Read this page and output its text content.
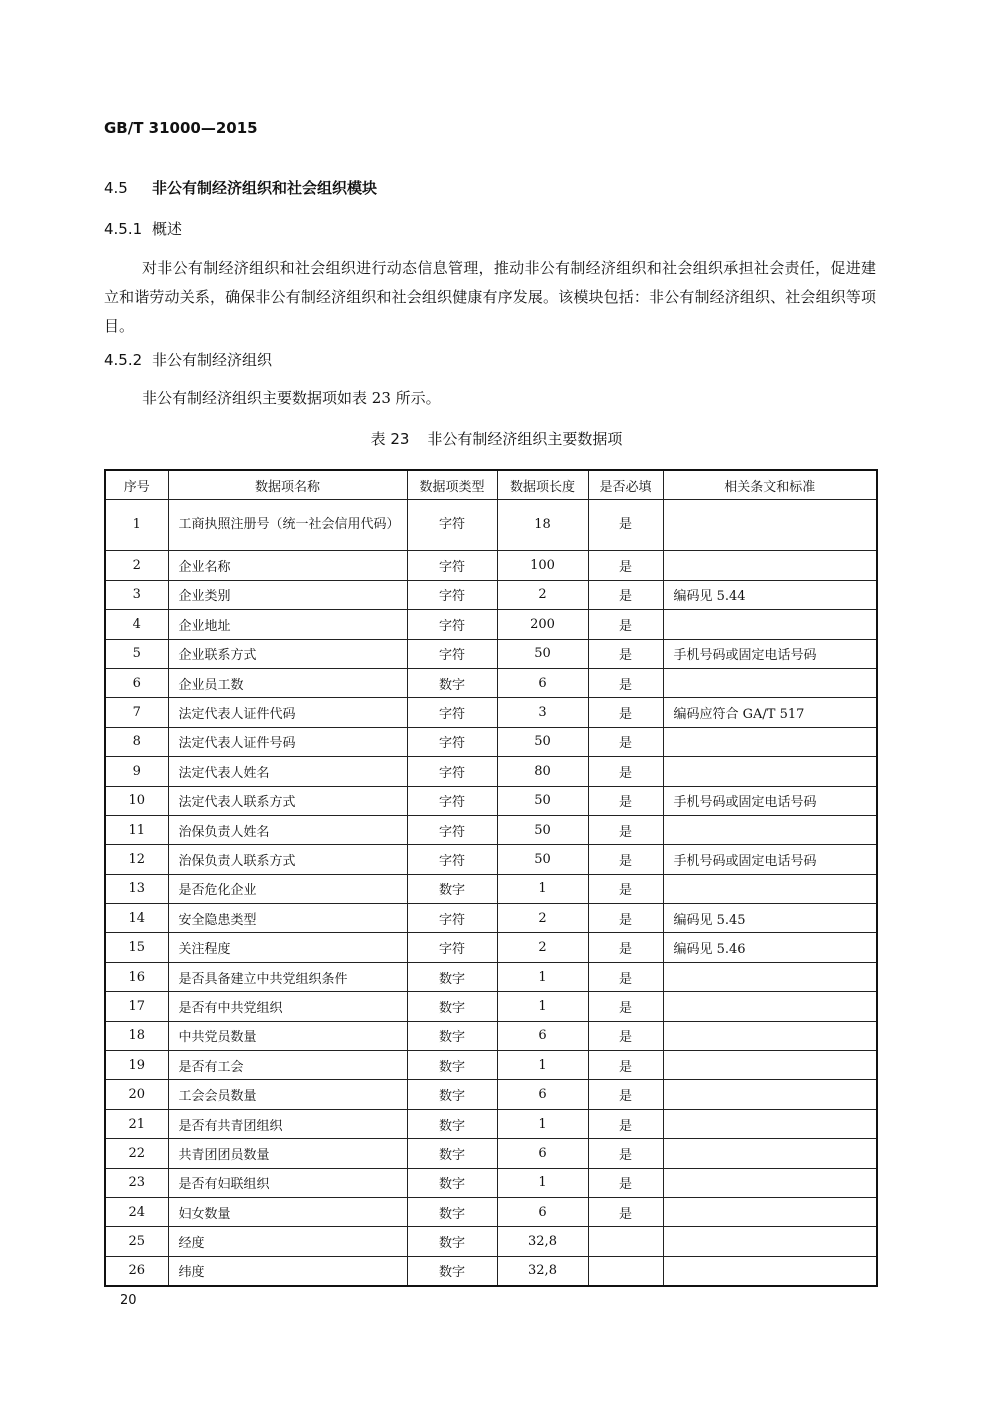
GB/T 31000—2015
4.5 非公有制经济组织和社会组织模块
4.5.1 概述
对非公有制经济组织和社会组织进行动态信息管理，推动非公有制经济组织和社会组织承担社会责任，促进建立和谐劳动关系，确保非公有制经济组织和社会组织健康有序发展。该模块包括：非公有制经济组织、社会组织等项目。
4.5.2 非公有制经济组织
非公有制经济组织主要数据项如表 23 所示。
表 23 非公有制经济组织主要数据项
序号	数据项名称	数据项类型	数据项长度	是否必填	相关条文和标准
1	工商执照注册号（统一社会信用代码）	字符	18	是	
2	企业名称	字符	100	是	
3	企业类别	字符	2	是	编码见 5.44
4	企业地址	字符	200	是	
5	企业联系方式	字符	50	是	手机号码或固定电话号码
6	企业员工数	数字	6	是	
7	法定代表人证件代码	字符	3	是	编码应符合 GA/T 517
8	法定代表人证件号码	字符	50	是	
9	法定代表人姓名	字符	80	是	
10	法定代表人联系方式	字符	50	是	手机号码或固定电话号码
11	治保负责人姓名	字符	50	是	
12	治保负责人联系方式	字符	50	是	手机号码或固定电话号码
13	是否危化企业	数字	1	是	
14	安全隐患类型	字符	2	是	编码见 5.45
15	关注程度	字符	2	是	编码见 5.46
16	是否具备建立中共党组织条件	数字	1	是	
17	是否有中共党组织	数字	1	是	
18	中共党员数量	数字	6	是	
19	是否有工会	数字	1	是	
20	工会会员数量	数字	6	是	
21	是否有共青团组织	数字	1	是	
22	共青团团员数量	数字	6	是	
23	是否有妇联组织	数字	1	是	
24	妇女数量	数字	6	是	
25	经度	数字	32,8		
26	纬度	数字	32,8		
20
